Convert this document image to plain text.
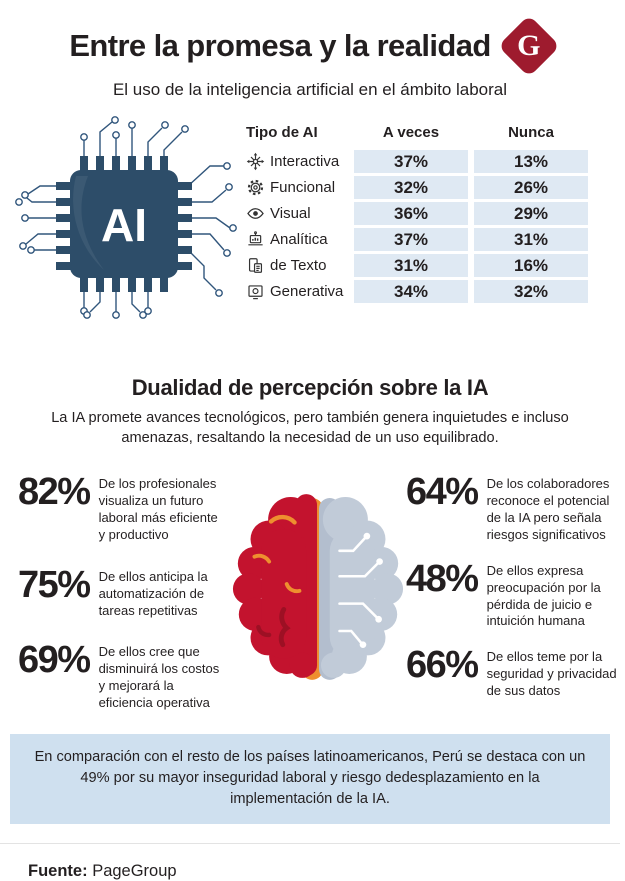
Entre la promesa y la realidad G
El uso de la inteligencia artificial en el ámbito laboral
AI
Tipo de AI	A veces	Nunca
Interactiva	37%	13%
Funcional	32%	26%
Visual	36%	29%
Analítica	37%	31%
de Texto	31%	16%
Generativa	34%	32%
Dualidad de percepción sobre la IA

La IA promete avances tecnológicos, pero también genera inquietudes e incluso amenazas, resaltando la necesidad de un uso equilibrado.

82% De los profesionales visualiza un futuro laboral más eficiente y productivo
75% De ellos anticipa la automatización de tareas repetitivas
69% De ellos cree que disminuirá los costos y mejorará la eficiencia operativa
64% De los colaboradores reconoce el potencial de la IA pero señala riesgos significativos
48% De ellos expresa preocupación por la pérdida de juicio e intuición humana
66% De ellos teme por la seguridad y privacidad de sus datos
En comparación con el resto de los países latinoamericanos, Perú se destaca con un 49% por su mayor inseguridad laboral y riesgo dedesplazamiento en la implementación de la IA.
Fuente: PageGroup
